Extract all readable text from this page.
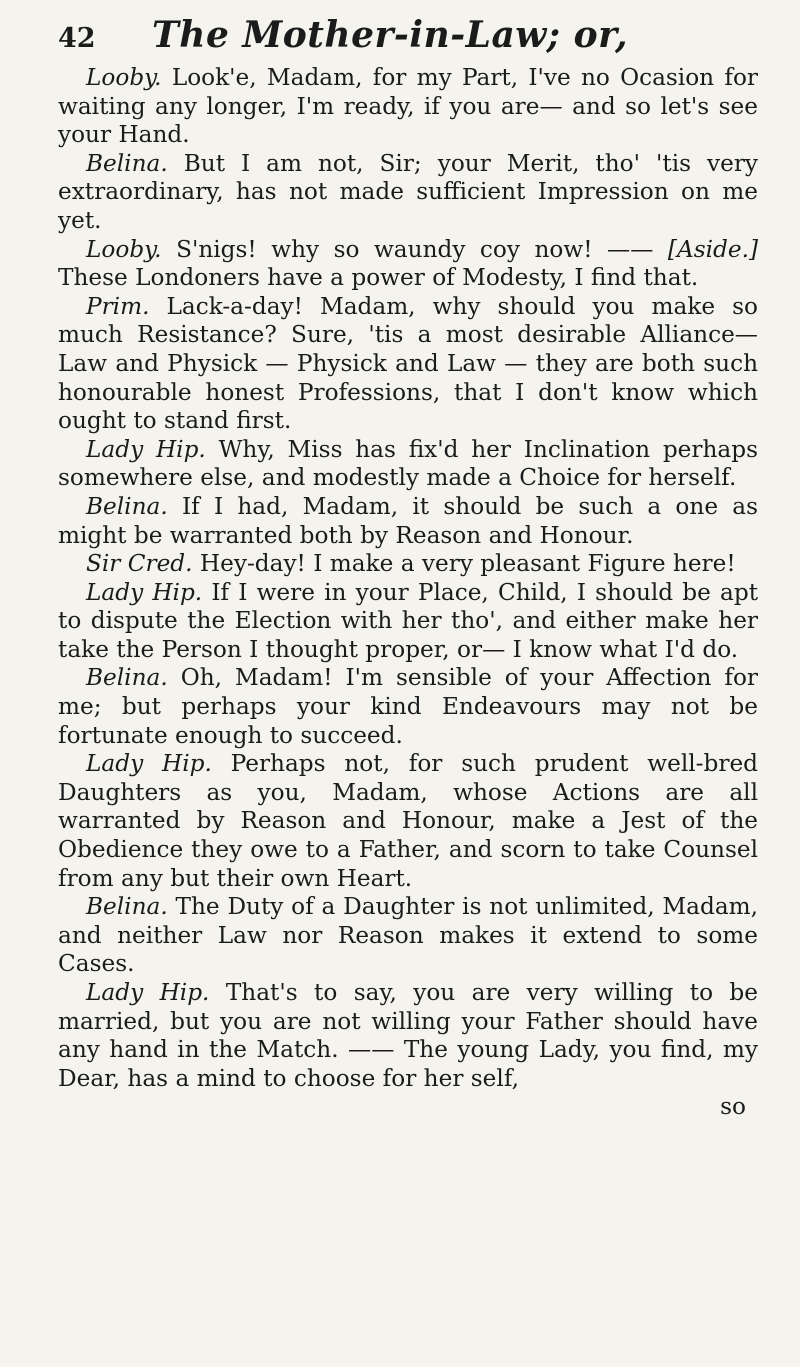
42	The Mother-in-Law; or,

Looby. Look'e, Madam, for my Part, I've no Ocasion for waiting any longer, I'm ready, if you are— and so let's see your Hand.

Belina. But I am not, Sir; your Merit, tho' 'tis very extraordinary, has not made sufficient Impression on me yet.

Looby. S'nigs! why so waundy coy now! —— [Aside.] These Londoners have a power of Modesty, I find that.

Prim. Lack-a-day! Madam, why should you make so much Resistance? Sure, 'tis a most desirable Alliance— Law and Physick — Physick and Law — they are both such honourable honest Professions, that I don't know which ought to stand first.

Lady Hip. Why, Miss has fix'd her Inclination perhaps somewhere else, and modestly made a Choice for herself.

Belina. If I had, Madam, it should be such a one as might be warranted both by Reason and Honour.

Sir Cred. Hey-day! I make a very pleasant Figure here!

Lady Hip. If I were in your Place, Child, I should be apt to dispute the Election with her tho', and either make her take the Person I thought proper, or— I know what I'd do.

Belina. Oh, Madam! I'm sensible of your Affection for me; but perhaps your kind Endeavours may not be fortunate enough to succeed.

Lady Hip. Perhaps not, for such prudent well-bred Daughters as you, Madam, whose Actions are all warranted by Reason and Honour, make a Jest of the Obedience they owe to a Father, and scorn to take Counsel from any but their own Heart.

Belina. The Duty of a Daughter is not unlimited, Madam, and neither Law nor Reason makes it extend to some Cases.

Lady Hip. That's to say, you are very willing to be married, but you are not willing your Father should have any hand in the Match. —— The young Lady, you find, my Dear, has a mind to choose for her self,

so
